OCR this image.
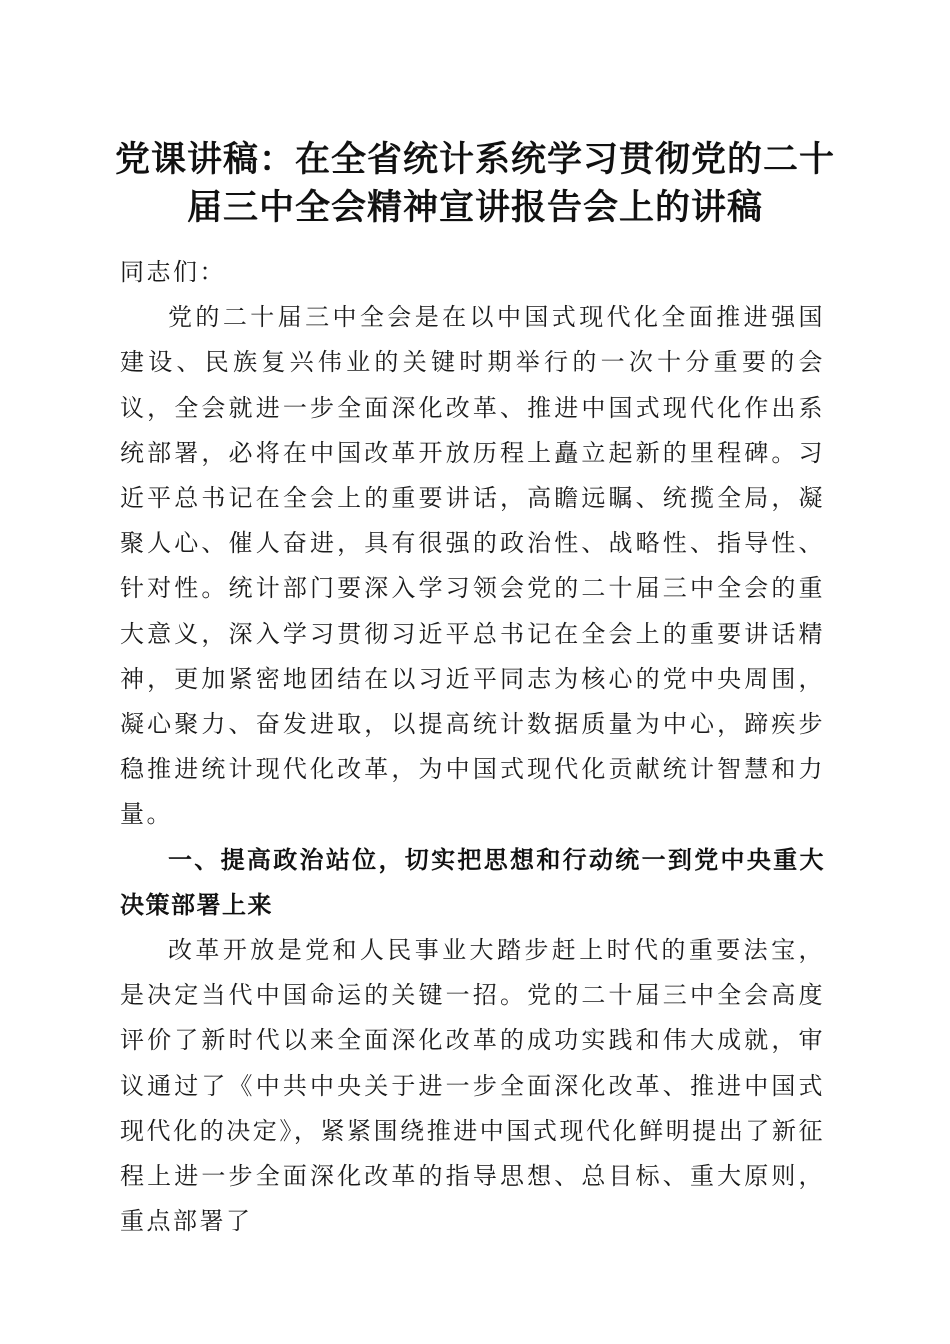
党课讲稿：在全省统计系统学习贯彻党的二十届三中全会精神宣讲报告会上的讲稿

同志们：

党的二十届三中全会是在以中国式现代化全面推进强国建设、民族复兴伟业的关键时期举行的一次十分重要的会议，全会就进一步全面深化改革、推进中国式现代化作出系统部署，必将在中国改革开放历程上矗立起新的里程碑。习近平总书记在全会上的重要讲话，高瞻远瞩、统揽全局，凝聚人心、催人奋进，具有很强的政治性、战略性、指导性、针对性。统计部门要深入学习领会党的二十届三中全会的重大意义，深入学习贯彻习近平总书记在全会上的重要讲话精神，更加紧密地团结在以习近平同志为核心的党中央周围，凝心聚力、奋发进取，以提高统计数据质量为中心，蹄疾步稳推进统计现代化改革，为中国式现代化贡献统计智慧和力量。

一、提高政治站位，切实把思想和行动统一到党中央重大决策部署上来

改革开放是党和人民事业大踏步赶上时代的重要法宝，是决定当代中国命运的关键一招。党的二十届三中全会高度评价了新时代以来全面深化改革的成功实践和伟大成就，审议通过了《中共中央关于进一步全面深化改革、推进中国式现代化的决定》，紧紧围绕推进中国式现代化鲜明提出了新征程上进一步全面深化改革的指导思想、总目标、重大原则，重点部署了
